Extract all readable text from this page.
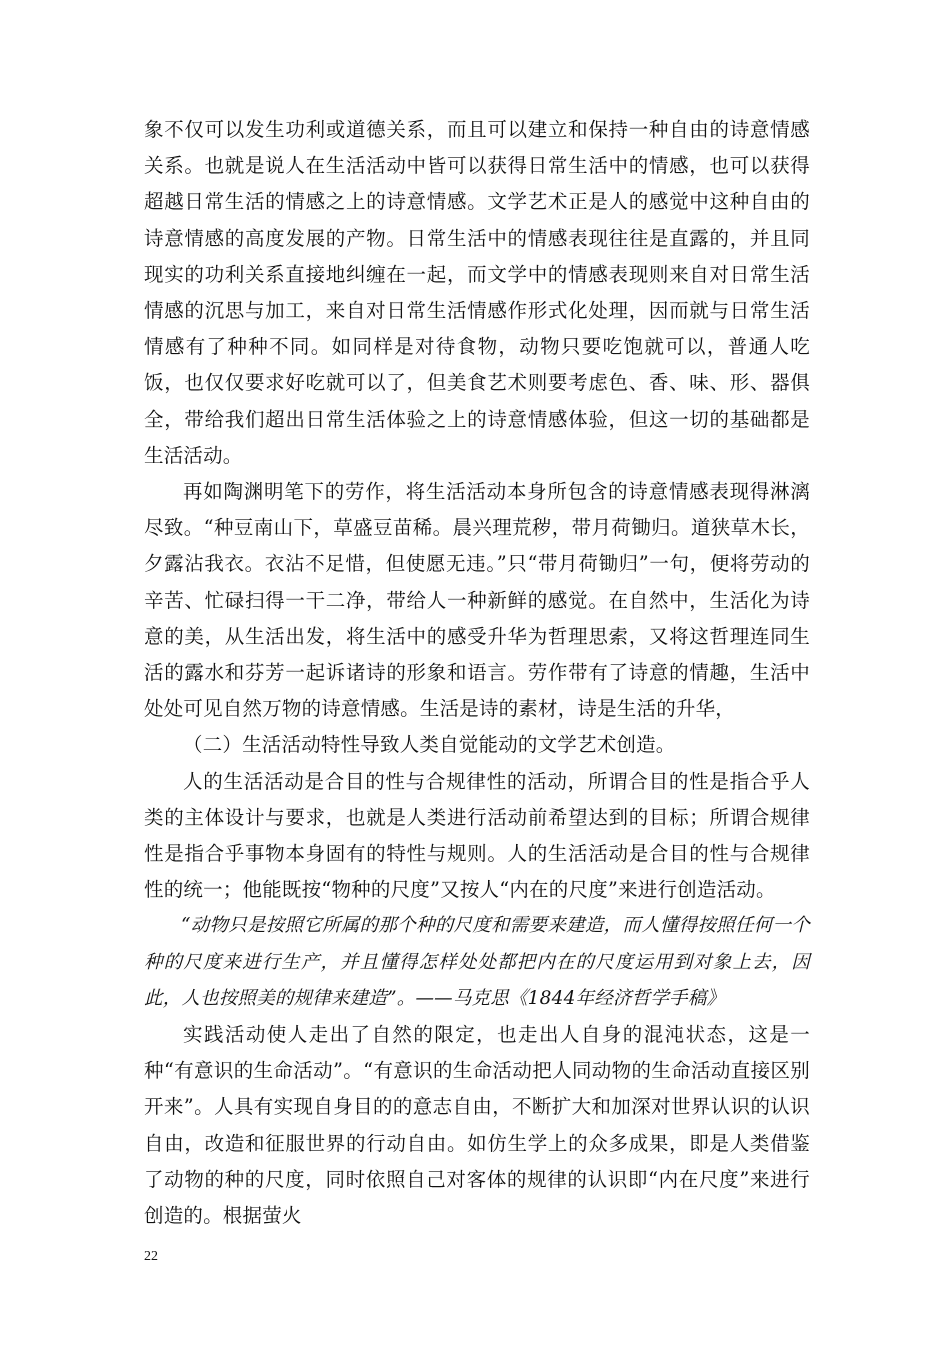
象不仅可以发生功利或道德关系，而且可以建立和保持一种自由的诗意情感关系。也就是说人在生活活动中皆可以获得日常生活中的情感，也可以获得超越日常生活的情感之上的诗意情感。文学艺术正是人的感觉中这种自由的诗意情感的高度发展的产物。日常生活中的情感表现往往是直露的，并且同现实的功利关系直接地纠缠在一起，而文学中的情感表现则来自对日常生活情感的沉思与加工，来自对日常生活情感作形式化处理，因而就与日常生活情感有了种种不同。如同样是对待食物，动物只要吃饱就可以，普通人吃饭，也仅仅要求好吃就可以了，但美食艺术则要考虑色、香、味、形、器俱全，带给我们超出日常生活体验之上的诗意情感体验，但这一切的基础都是生活活动。

再如陶渊明笔下的劳作，将生活活动本身所包含的诗意情感表现得淋漓尽致。“种豆南山下，草盛豆苗稀。晨兴理荒秽，带月荷锄归。道狭草木长，夕露沾我衣。衣沾不足惜，但使愿无违。”只“带月荷锄归”一句，便将劳动的辛苦、忙碌扫得一干二净，带给人一种新鲜的感觉。在自然中，生活化为诗意的美，从生活出发，将生活中的感受升华为哲理思索，又将这哲理连同生活的露水和芬芳一起诉诸诗的形象和语言。劳作带有了诗意的情趣，生活中处处可见自然万物的诗意情感。生活是诗的素材，诗是生活的升华，

（二）生活活动特性导致人类自觉能动的文学艺术创造。

人的生活活动是合目的性与合规律性的活动，所谓合目的性是指合乎人类的主体设计与要求，也就是人类进行活动前希望达到的目标；所谓合规律性是指合乎事物本身固有的特性与规则。人的生活活动是合目的性与合规律性的统一；他能既按“物种的尺度”又按人“内在的尺度”来进行创造活动。

“动物只是按照它所属的那个种的尺度和需要来建造，而人懂得按照任何一个种的尺度来进行生产，并且懂得怎样处处都把内在的尺度运用到对象上去，因此，人也按照美的规律来建造”。——马克思《1844年经济哲学手稿》

实践活动使人走出了自然的限定，也走出人自身的混沌状态，这是一种“有意识的生命活动”。“有意识的生命活动把人同动物的生命活动直接区别开来”。人具有实现自身目的的意志自由，不断扩大和加深对世界认识的认识自由，改造和征服世界的行动自由。如仿生学上的众多成果，即是人类借鉴了动物的种的尺度，同时依照自己对客体的规律的认识即“内在尺度”来进行创造的。根据萤火

22
